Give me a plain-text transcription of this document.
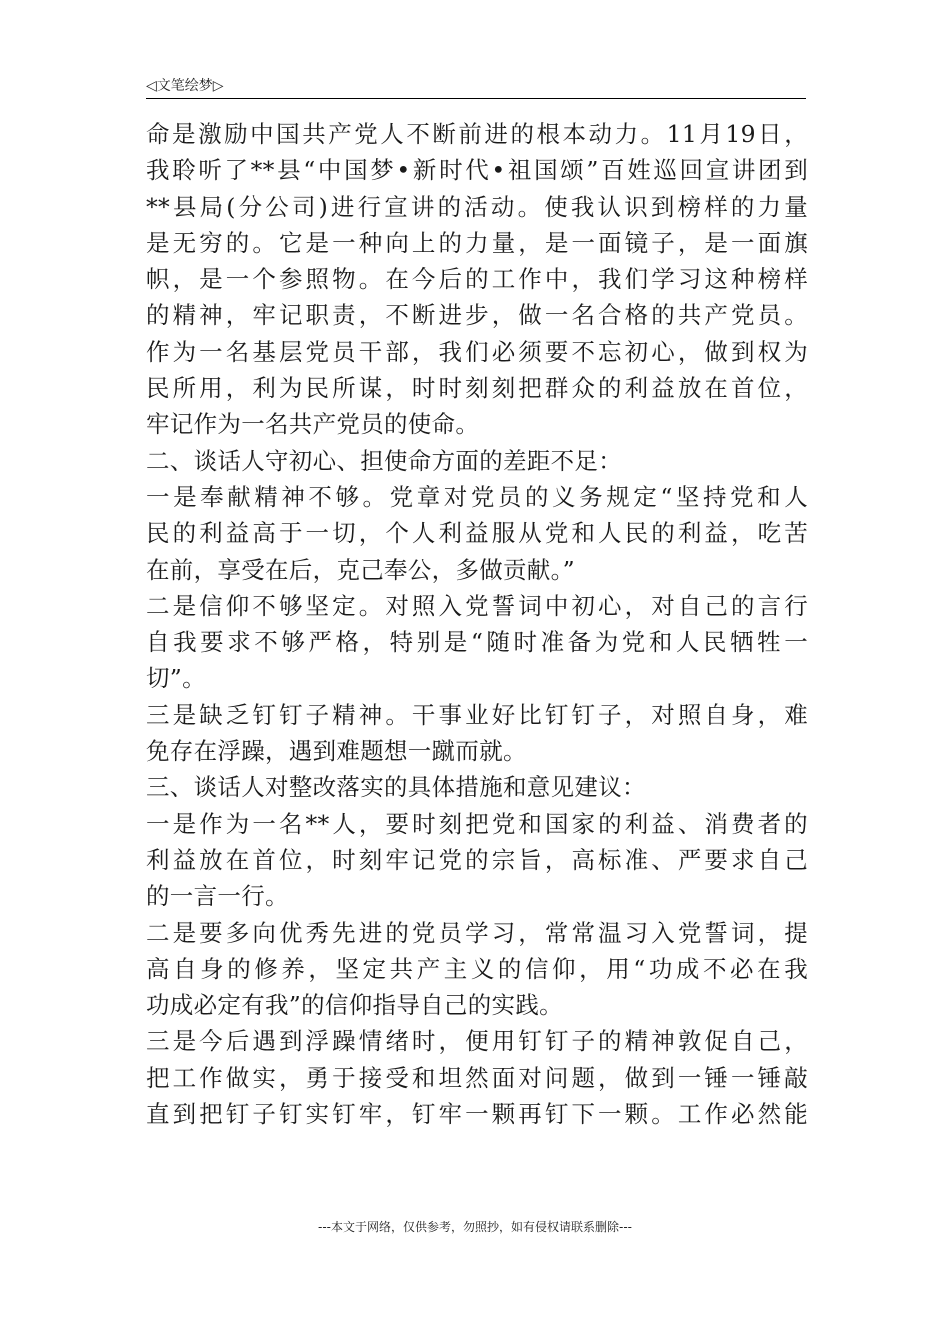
◁文笔绘梦▷
命是激励中国共产党人不断前进的根本动力。11月19日，
我聆听了**县“中国梦•新时代•祖国颂”百姓巡回宣讲团到
**县局(分公司)进行宣讲的活动。使我认识到榜样的力量
是无穷的。它是一种向上的力量，是一面镜子，是一面旗
帜，是一个参照物。在今后的工作中，我们学习这种榜样
的精神，牢记职责，不断进步，做一名合格的共产党员。
作为一名基层党员干部，我们必须要不忘初心，做到权为
民所用，利为民所谋，时时刻刻把群众的利益放在首位，
牢记作为一名共产党员的使命。
二、谈话人守初心、担使命方面的差距不足：
一是奉献精神不够。党章对党员的义务规定“坚持党和人
民的利益高于一切，个人利益服从党和人民的利益，吃苦
在前，享受在后，克己奉公，多做贡献。”
二是信仰不够坚定。对照入党誓词中初心，对自己的言行
自我要求不够严格，特别是“随时准备为党和人民牺牲一
切”。
三是缺乏钉钉子精神。干事业好比钉钉子，对照自身，难
免存在浮躁，遇到难题想一蹴而就。
三、谈话人对整改落实的具体措施和意见建议：
一是作为一名**人，要时刻把党和国家的利益、消费者的
利益放在首位，时刻牢记党的宗旨，高标准、严要求自己
的一言一行。
二是要多向优秀先进的党员学习，常常温习入党誓词，提
高自身的修养，坚定共产主义的信仰，用“功成不必在我
功成必定有我”的信仰指导自己的实践。
三是今后遇到浮躁情绪时，便用钉钉子的精神敦促自己，
把工作做实，勇于接受和坦然面对问题，做到一锤一锤敲
直到把钉子钉实钉牢，钉牢一颗再钉下一颗。工作必然能
---本文于网络，仅供参考，勿照抄，如有侵权请联系删除---
